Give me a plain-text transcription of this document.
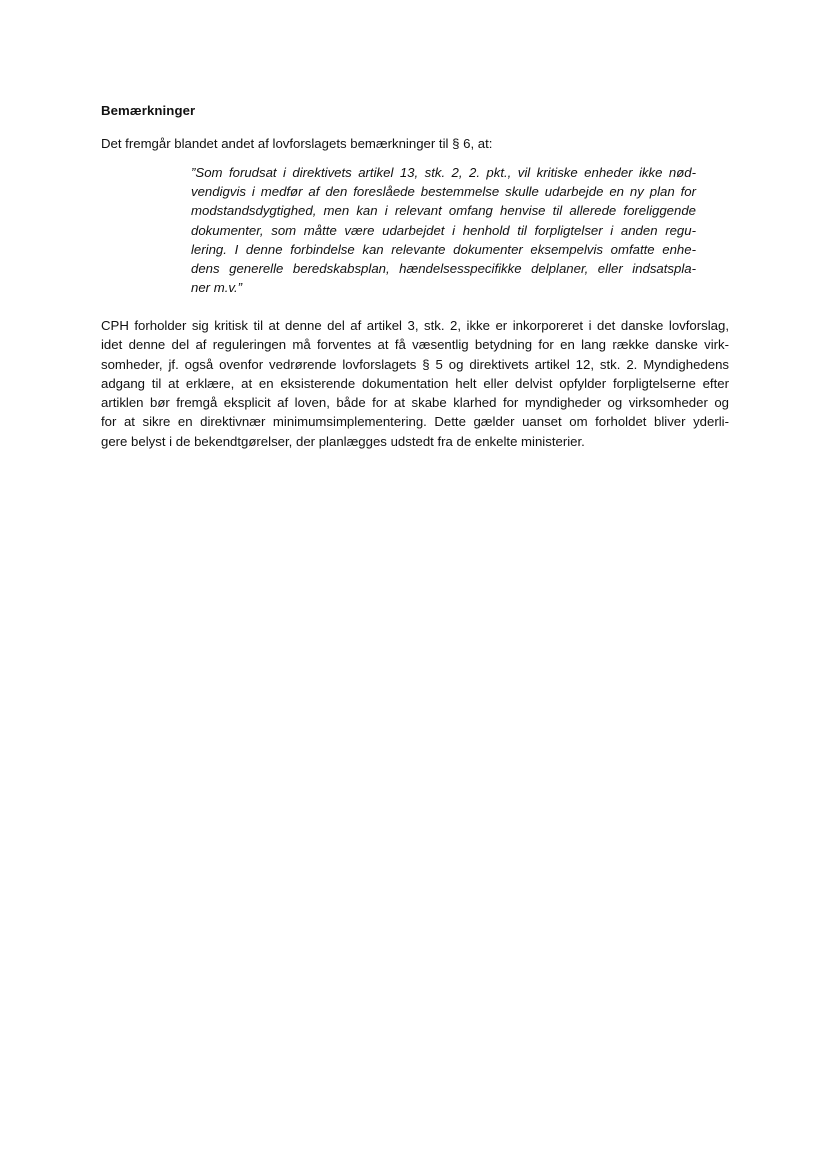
Bemærkninger
Det fremgår blandet andet af lovforslagets bemærkninger til § 6, at:
”Som forudsat i direktivets artikel 13, stk. 2, 2. pkt., vil kritiske enheder ikke nød-
vendigvis i medfør af den foreslåede bestemmelse skulle udarbejde en ny plan for
modstandsdygtighed, men kan i relevant omfang henvise til allerede foreliggende
dokumenter, som måtte være udarbejdet i henhold til forpligtelser i anden regu-
lering. I denne forbindelse kan relevante dokumenter eksempelvis omfatte enhe-
dens generelle beredskabsplan, hændelsesspecifikke delplaner, eller indsatspla-
ner m.v.”
CPH forholder sig kritisk til at denne del af artikel 3, stk. 2, ikke er inkorporeret i det danske lovforslag,
idet denne del af reguleringen må forventes at få væsentlig betydning for en lang række danske virk-
somheder, jf. også ovenfor vedrørende lovforslagets § 5 og direktivets artikel 12, stk. 2. Myndighedens
adgang til at erklære, at en eksisterende dokumentation helt eller delvist opfylder forpligtelserne efter
artiklen bør fremgå eksplicit af loven, både for at skabe klarhed for myndigheder og virksomheder og
for at sikre en direktivnær minimumsimplementering. Dette gælder uanset om forholdet bliver yderli-
gere belyst i de bekendtgørelser, der planlægges udstedt fra de enkelte ministerier.
